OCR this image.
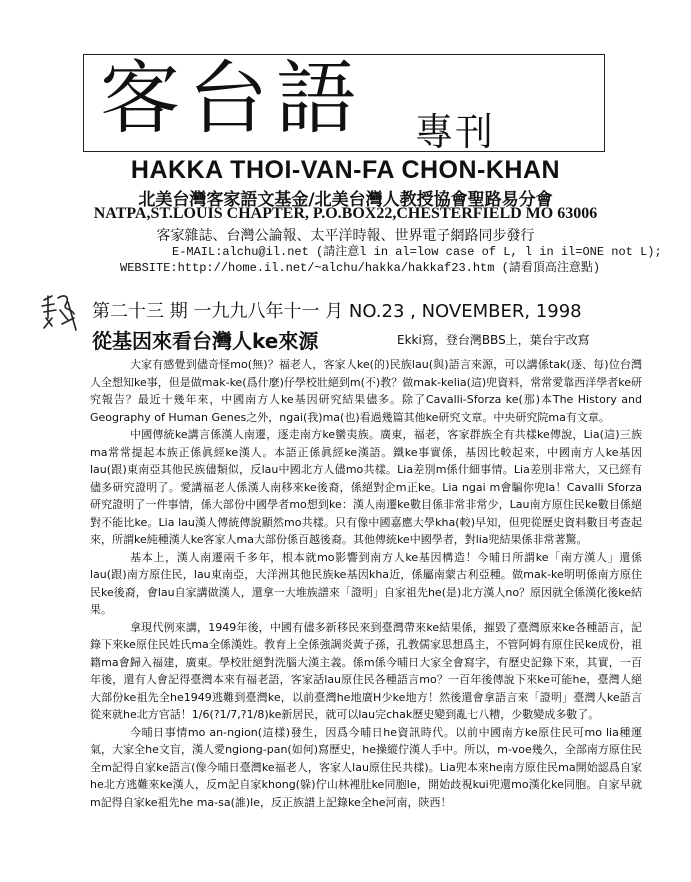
客台語 專刊
HAKKA THOI-VAN-FA CHON-KHAN
北美台灣客家語文基金/北美台灣人教授協會聖路易分會
NATPA,ST.LOUIS CHAPTER, P.O.BOX22,CHESTERFIELD MO 63006
客家雜誌、台灣公論報、太平洋時報、世界電子網路同步發行
E-MAIL:alchu@il.net (請注意l in al=low case of L, l in il=ONE not L);
WEBSITE:http://home.il.net/~alchu/hakka/hakkaf23.htm (請看頂高注意點)
第二十三 期 一九九八年十一 月 NO.23 , NOVEMBER, 1998
從基因來看台灣人ke來源	Ekki寫，登台灣BBS上，葉台宇改寫

大家有感覺到儘奇怪mo(無)？福老人，客家人ke(的)民族lau(與)語言來源，可以講係tak(逐、每)位台灣人全想知ke事，但是做mak-ke(爲什麼)仔學校壯絕到m(不)教？做mak-kelia(這)兜資料，常常愛靠西洋學者ke研究報告？最近十幾年來，中國南方人ke基因研究結果儘多。除了Cavalli-Sforza ke(那)本The History and Geography of Human Genes之外，ngai(我)ma(也)看過幾篇其他ke研究文章。中央研究院ma有文章。

中國傳統ke講言係漢人南遷，逐走南方ke蠻夷族。廣東，福老，客家群族全有共樣ke傳說，Lia(這)三族ma常常提起本族正係眞經ke漢人。本語正係眞經ke漢語。鐵ke事實係，基因比較起來，中國南方人ke基因lau(跟)東南亞其他民族儘類似，反lau中國北方人儘mo共樣。Lia差別m係什細事情。Lia差別非常大，又已經有儘多研究證明了。愛講福老人係漢人南移來ke後裔，係絕對企m正ke。Lia ngai m會騙你兜la！Cavalli Sforza研究證明了一件事情，係大部份中國學者mo想到ke：漢人南遷ke數目係非常非常少，Lau南方原住民ke數目係絕對不能比ke。Lia lau漢人傳統傳說顯然mo共樣。只有像中國嘉應大學kha(較)早知，但兜從歷史資料數目考查起來，所謂ke純種漢人ke客家人ma大部份係百越後裔。其他傳統ke中國學者，對lia兜結果係非常著驚。

基本上，漢人南遷兩千多年，根本就mo影響到南方人ke基因構造！今晡日所謂ke「南方漢人」還係lau(跟)南方原住民，lau東南亞，大洋洲其他民族ke基因kha近，係屬南蒙古利亞種。做mak-ke明明係南方原住民ke後裔，會lau自家講做漢人，還拿一大堆族譜來「證明」自家祖先he(是)北方漢人no？原因就全係漢化後ke結果。

拿現代例來講，1949年後，中國有儘多新移民來到臺灣帶來ke結果係，摧毀了臺灣原來ke各種語言，記錄下來ke原住民姓氏ma全係漢姓。教育上全係強調炎黃子孫，孔教儒家思想爲主，不管阿姆有原住民ke成份，祖籍ma會歸入福建，廣東。學校壯絕對洗腦大漢主義。係m係今晡日大家全會寫字，有歷史記錄下來，其實，一百年後，還有人會記得臺灣本來有福老語，客家話lau原住民各種語言mo？一百年後傳說下來ke可能he，臺灣人絕大部份ke祖先全he1949逃難到臺灣ke，以前臺灣he地廣H少ke地方！然後還會拿語言來「證明」臺灣人ke語言從來就he北方官話！1/6(?1/7,?1/8)ke新居民，就可以lau完chak歷史變到亂七八糟，少數變成多數了。

今晡日事情mo an-ngion(這樣)發生，因爲今晡日he資訊時代。以前中國南方ke原住民可mo lia種運氣，大家全he文盲，漢人愛ngiong-pan(如何)寫歷史，he操縱佇漢人手中。所以，m-voe幾久，全部南方原住民全m記得自家ke語言(像今晡日臺灣ke福老人，客家人lau原住民共樣)。Lia兜本來he南方原住民ma開始認爲自家he北方逃難來ke漢人，反m記自家khong(躲)佇山林裡肚ke同胞le，開始歧視kui兜還mo漢化ke同胞。自家早就m記得自家ke祖先he ma-sa(誰)le，反正族譜上記錄ke全he河南，陝西！
